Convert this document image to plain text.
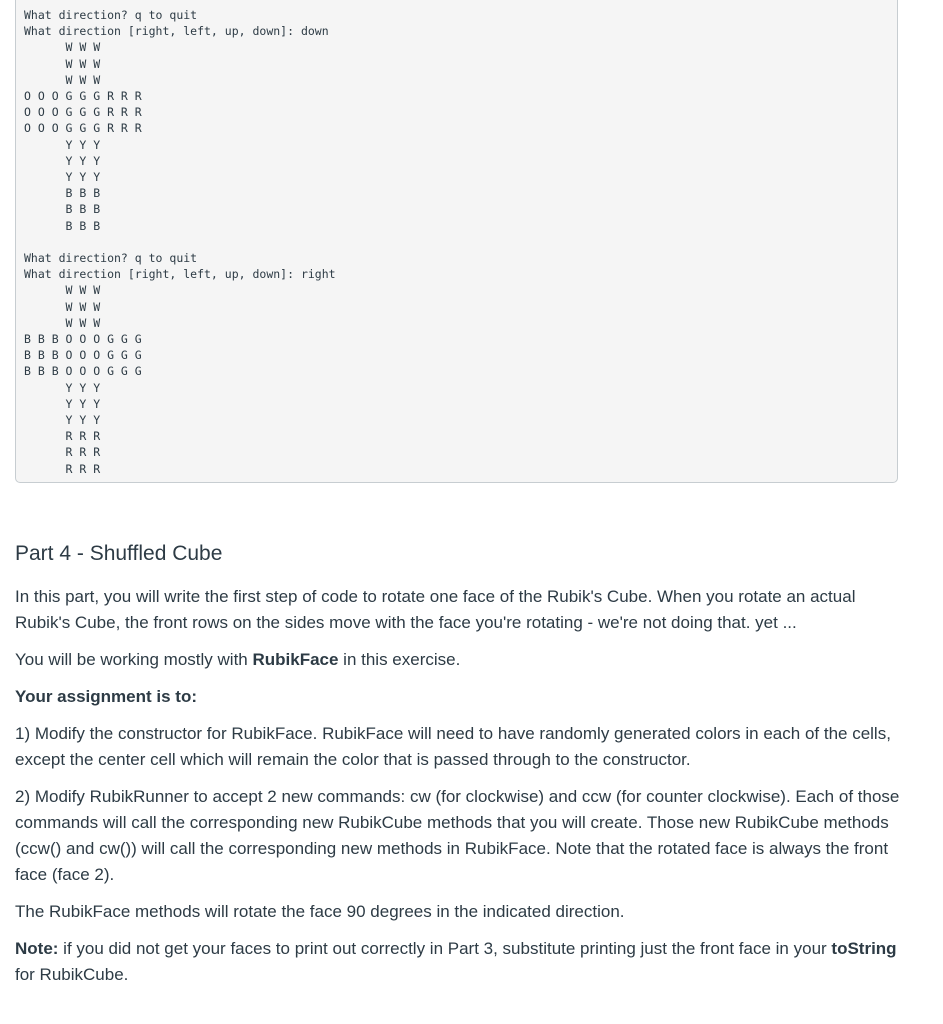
What direction? q to quit
What direction [right, left, up, down]: down
W W W
W W W
W W W
O O O G G G R R R
O O O G G G R R R
O O O G G G R R R
Y Y Y
Y Y Y
Y Y Y
B B B
B B B
B B B

What direction? q to quit
What direction [right, left, up, down]: right
W W W
W W W
W W W
B B B O O O G G G
B B B O O O G G G
B B B O O O G G G
Y Y Y
Y Y Y
Y Y Y
R R R
R R R
R R R

Part 4 - Shuffled Cube

In this part, you will write the first step of code to rotate one face of the Rubik's Cube. When you rotate an actual Rubik's Cube, the front rows on the sides move with the face you're rotating - we're not doing that. yet ...

You will be working mostly with RubikFace in this exercise.

Your assignment is to:

1) Modify the constructor for RubikFace. RubikFace will need to have randomly generated colors in each of the cells, except the center cell which will remain the color that is passed through to the constructor.

2) Modify RubikRunner to accept 2 new commands: cw (for clockwise) and ccw (for counter clockwise). Each of those commands will call the corresponding new RubikCube methods that you will create. Those new RubikCube methods (ccw() and cw()) will call the corresponding new methods in RubikFace. Note that the rotated face is always the front face (face 2).

The RubikFace methods will rotate the face 90 degrees in the indicated direction.

Note: if you did not get your faces to print out correctly in Part 3, substitute printing just the front face in your toString for RubikCube.
